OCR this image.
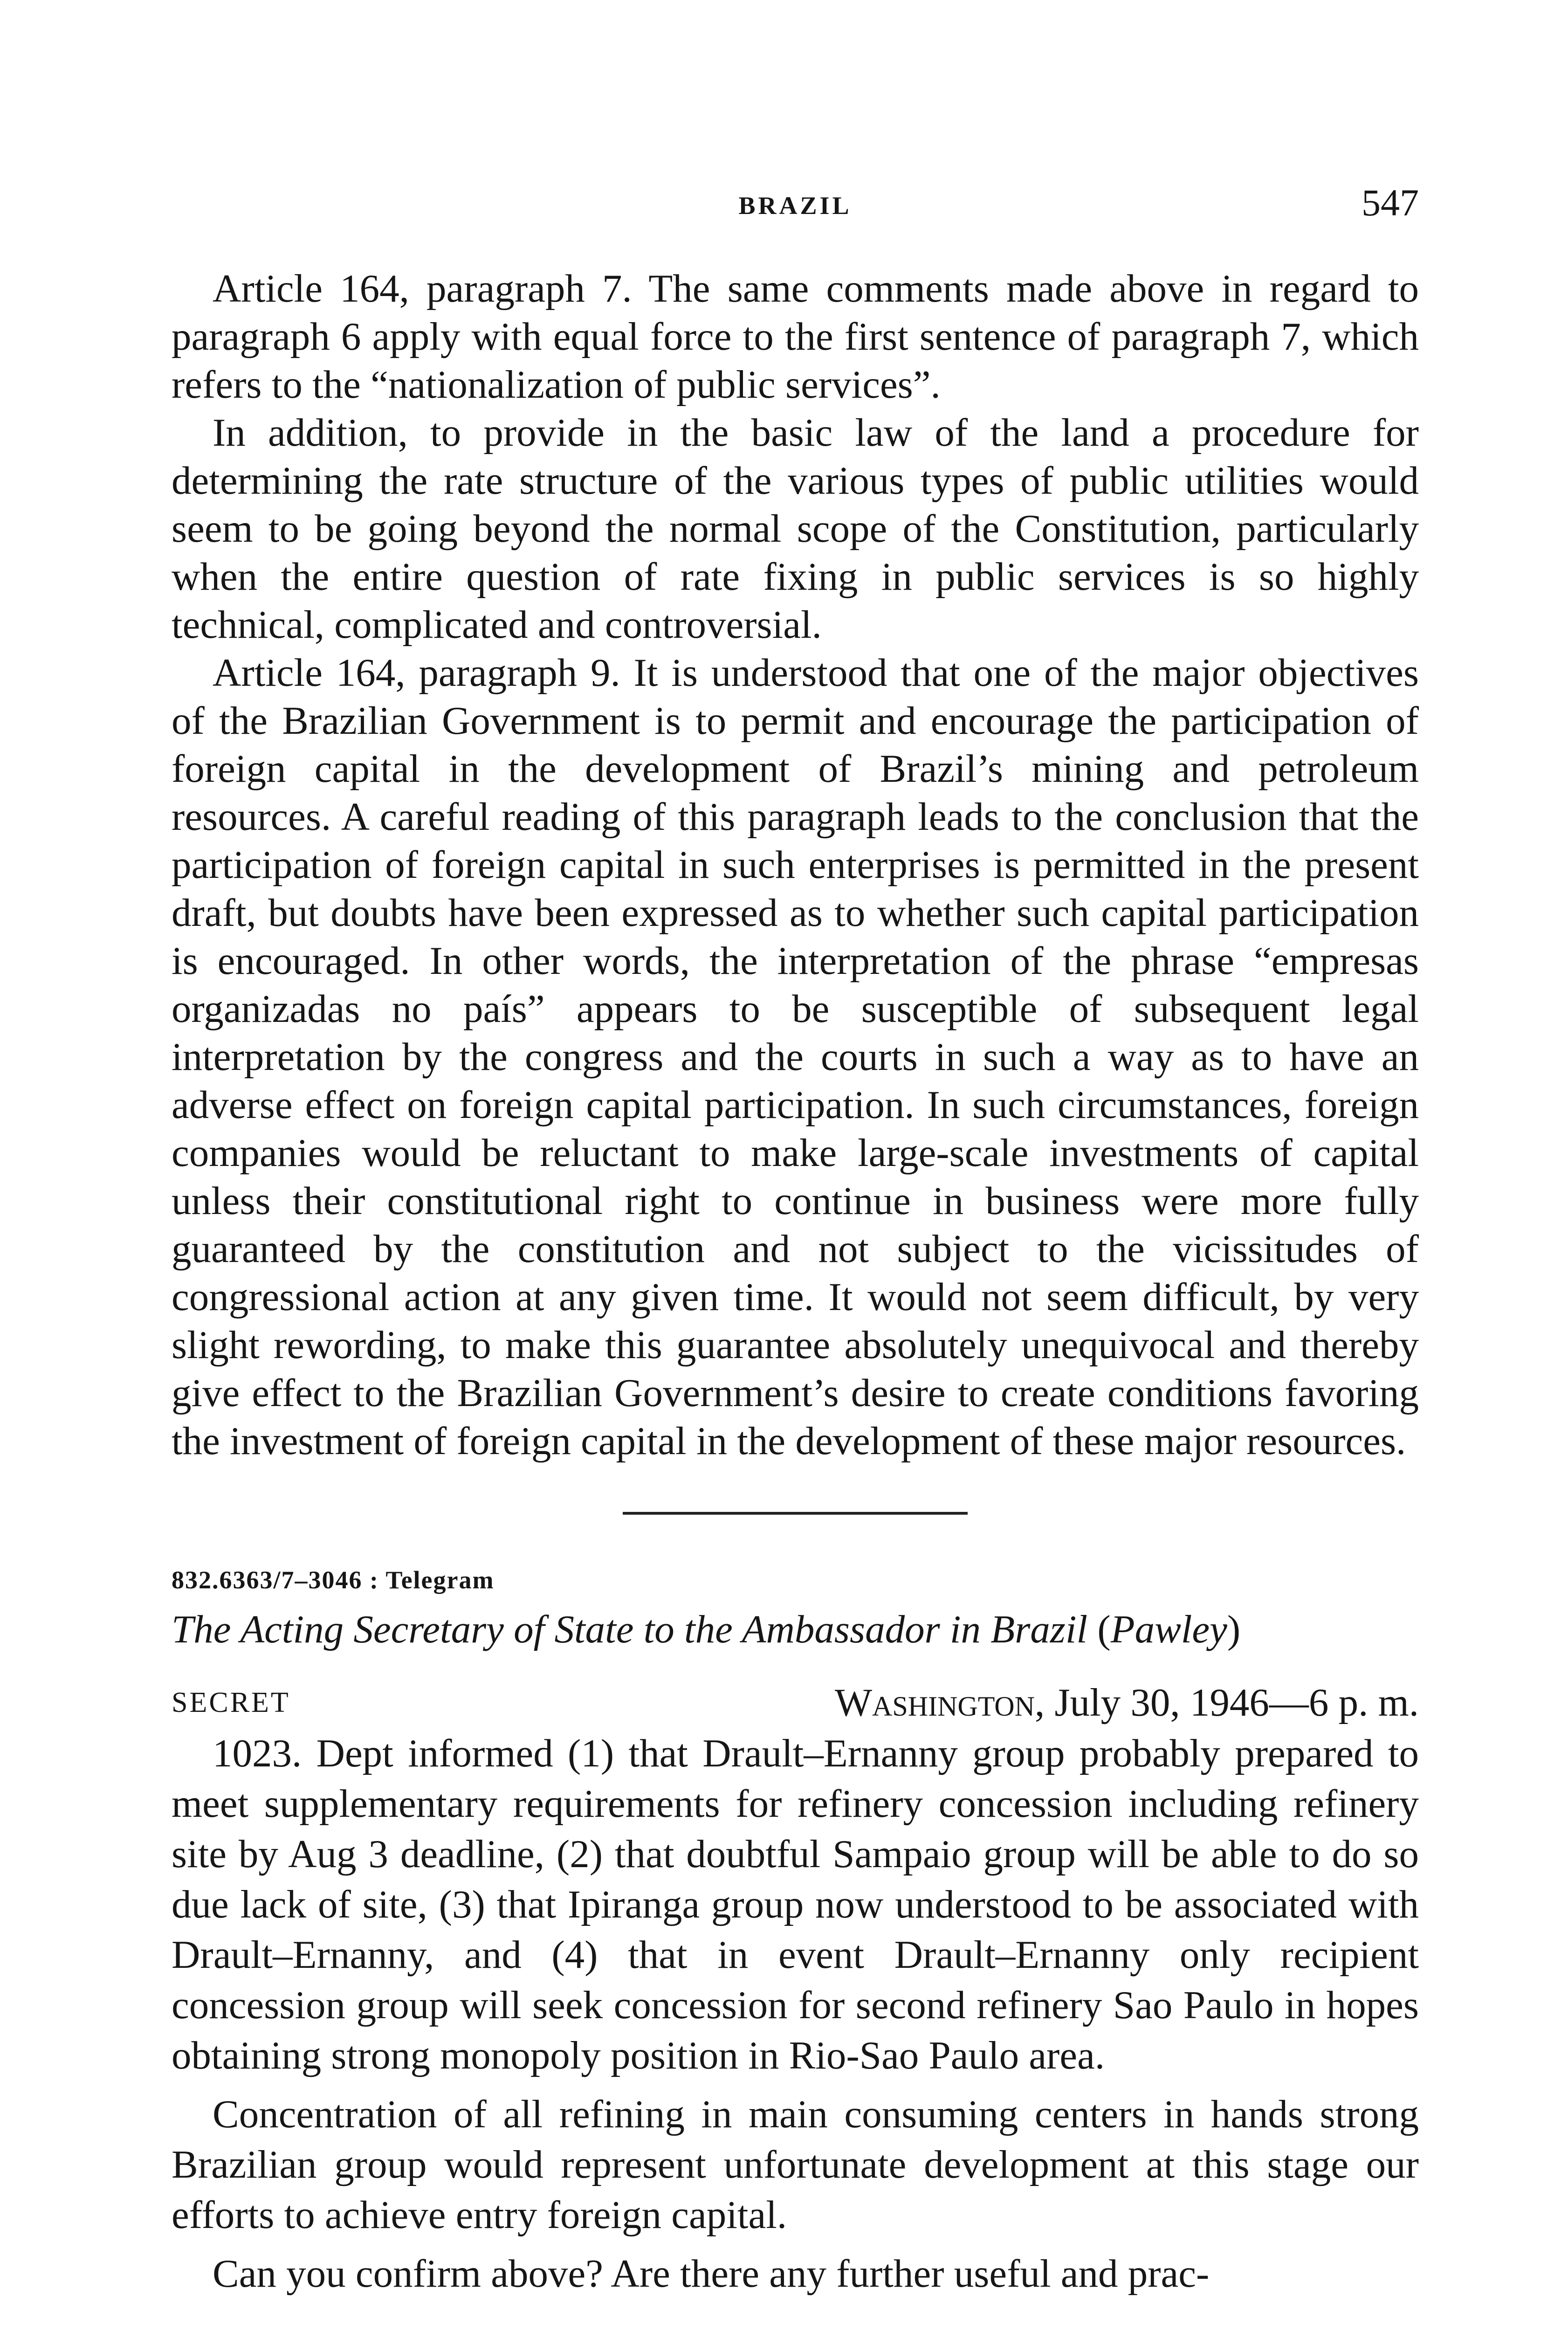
BRAZIL	547

Article 164, paragraph 7. The same comments made above in regard to paragraph 6 apply with equal force to the first sentence of paragraph 7, which refers to the “nationalization of public services”.

In addition, to provide in the basic law of the land a procedure for determining the rate structure of the various types of public utilities would seem to be going beyond the normal scope of the Constitution, particularly when the entire question of rate fixing in public services is so highly technical, complicated and controversial.

Article 164, paragraph 9. It is understood that one of the major objectives of the Brazilian Government is to permit and encourage the participation of foreign capital in the development of Brazil’s mining and petroleum resources. A careful reading of this paragraph leads to the conclusion that the participation of foreign capital in such enterprises is permitted in the present draft, but doubts have been expressed as to whether such capital participation is encouraged. In other words, the interpretation of the phrase “empresas organizadas no país” appears to be susceptible of subsequent legal interpretation by the congress and the courts in such a way as to have an adverse effect on foreign capital participation. In such circumstances, foreign companies would be reluctant to make large-scale investments of capital unless their constitutional right to continue in business were more fully guaranteed by the constitution and not subject to the vicissitudes of congressional action at any given time. It would not seem difficult, by very slight rewording, to make this guarantee absolutely unequivocal and thereby give effect to the Brazilian Government’s desire to create conditions favoring the investment of foreign capital in the development of these major resources.

832.6363/7–3046 : Telegram
The Acting Secretary of State to the Ambassador in Brazil (Pawley)
SECRET	Washington, July 30, 1946—6 p. m.

1023. Dept informed (1) that Drault–Ernanny group probably prepared to meet supplementary requirements for refinery concession including refinery site by Aug 3 deadline, (2) that doubtful Sampaio group will be able to do so due lack of site, (3) that Ipiranga group now understood to be associated with Drault–Ernanny, and (4) that in event Drault–Ernanny only recipient concession group will seek concession for second refinery Sao Paulo in hopes obtaining strong monopoly position in Rio-Sao Paulo area.

Concentration of all refining in main consuming centers in hands strong Brazilian group would represent unfortunate development at this stage our efforts to achieve entry foreign capital.

Can you confirm above? Are there any further useful and prac-
